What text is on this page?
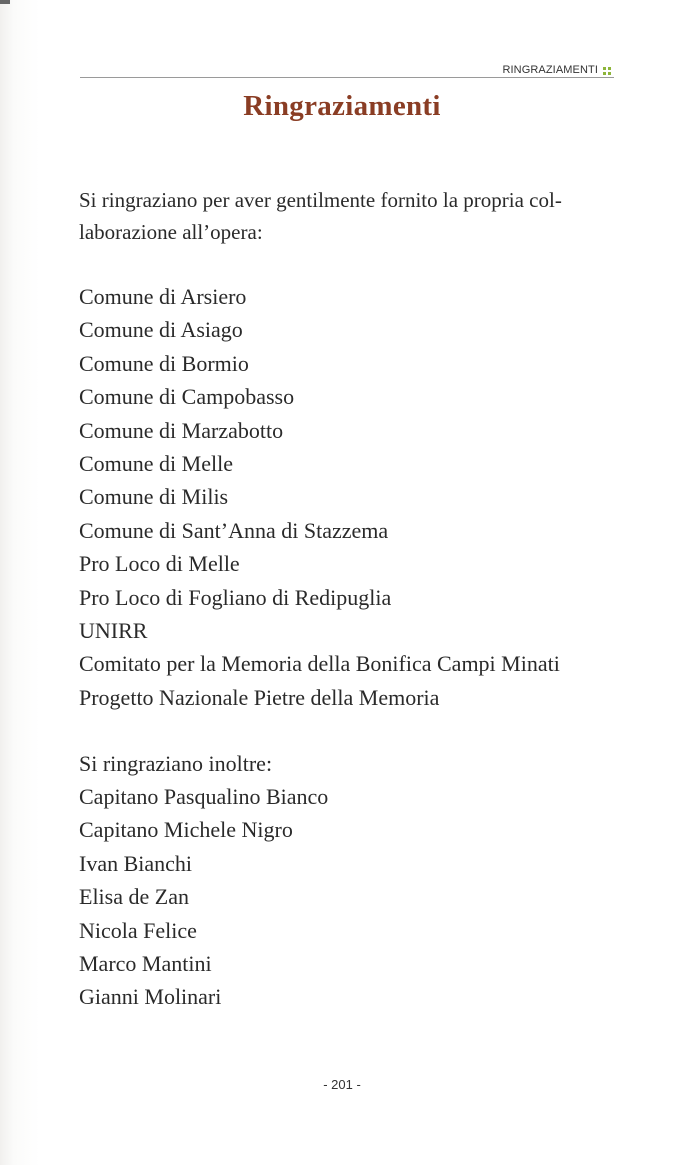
RINGRAZIAMENTI
Ringraziamenti

Si ringraziano per aver gentilmente fornito la propria col-laborazione all’opera:

Comune di Arsiero
Comune di Asiago
Comune di Bormio
Comune di Campobasso
Comune di Marzabotto
Comune di Melle
Comune di Milis
Comune di Sant’Anna di Stazzema
Pro Loco di Melle
Pro Loco di Fogliano di Redipuglia
UNIRR
Comitato per la Memoria della Bonifica Campi Minati
Progetto Nazionale Pietre della Memoria
Si ringraziano inoltre:
Capitano Pasqualino Bianco
Capitano Michele Nigro
Ivan Bianchi
Elisa de Zan
Nicola Felice
Marco Mantini
Gianni Molinari
- 201 -
